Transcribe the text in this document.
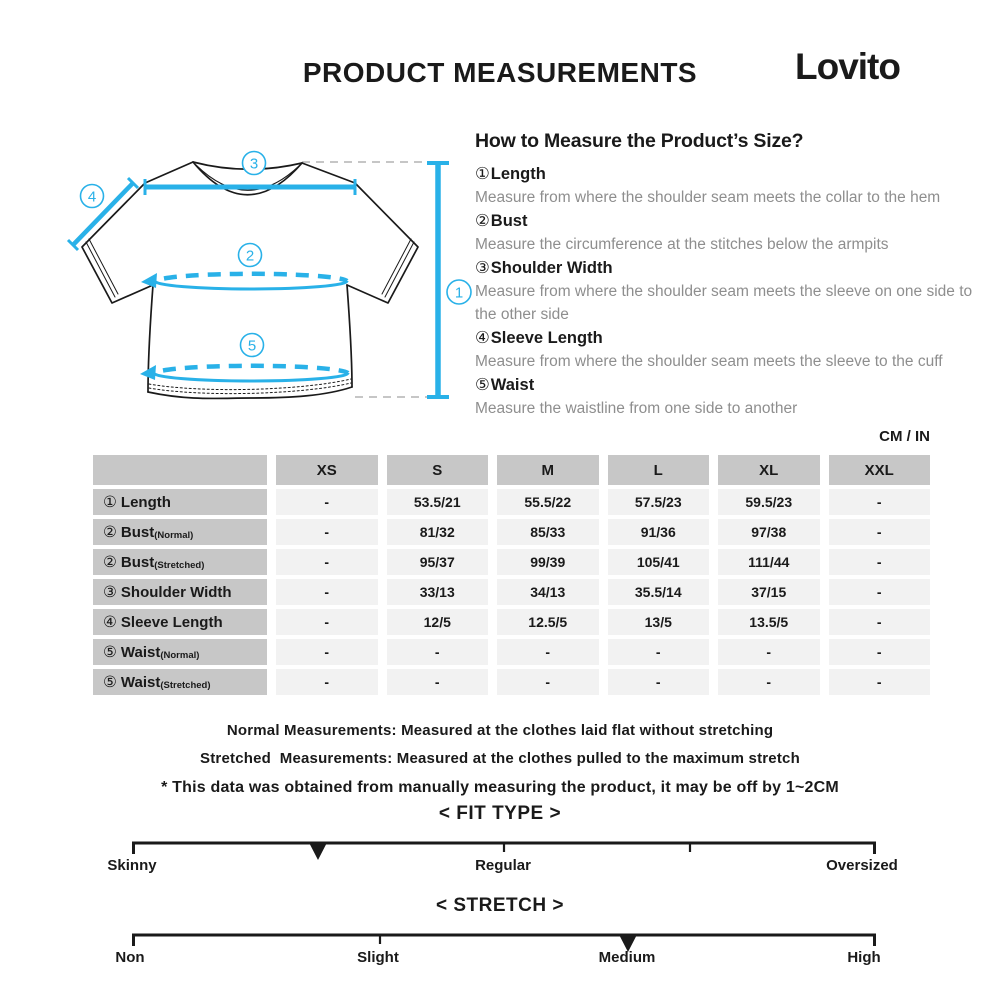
PRODUCT MEASUREMENTS	Lovito
3
4
2
5
1
How to Measure the Product’s Size?
①Length
Measure from where the shoulder seam meets the collar to the hem
②Bust
Measure the circumference at the stitches below the armpits
③Shoulder Width
Measure from where the shoulder seam meets the sleeve on one side to the other side
④Sleeve Length
Measure from where the shoulder seam meets the sleeve to the cuff
⑤Waist
Measure the waistline from one side to another
CM / IN
XS	S	M	L	XL	XXL
① Length	-	53.5/21	55.5/22	57.5/23	59.5/23	-
② Bust (Normal)	-	81/32	85/33	91/36	97/38	-
② Bust (Stretched)	-	95/37	99/39	105/41	111/44	-
③ Shoulder Width	-	33/13	34/13	35.5/14	37/15	-
④ Sleeve Length	-	12/5	12.5/5	13/5	13.5/5	-
⑤ Waist (Normal)	-	-	-	-	-	-
⑤ Waist (Stretched)	-	-	-	-	-	-
Normal Measurements: Measured at the clothes laid flat without stretching
Stretched  Measurements: Measured at the clothes pulled to the maximum stretch
* This data was obtained from manually measuring the product, it may be off by 1~2CM
< FIT TYPE >
Skinny	Regular	Oversized
< STRETCH >
Non	Slight	Medium	High
